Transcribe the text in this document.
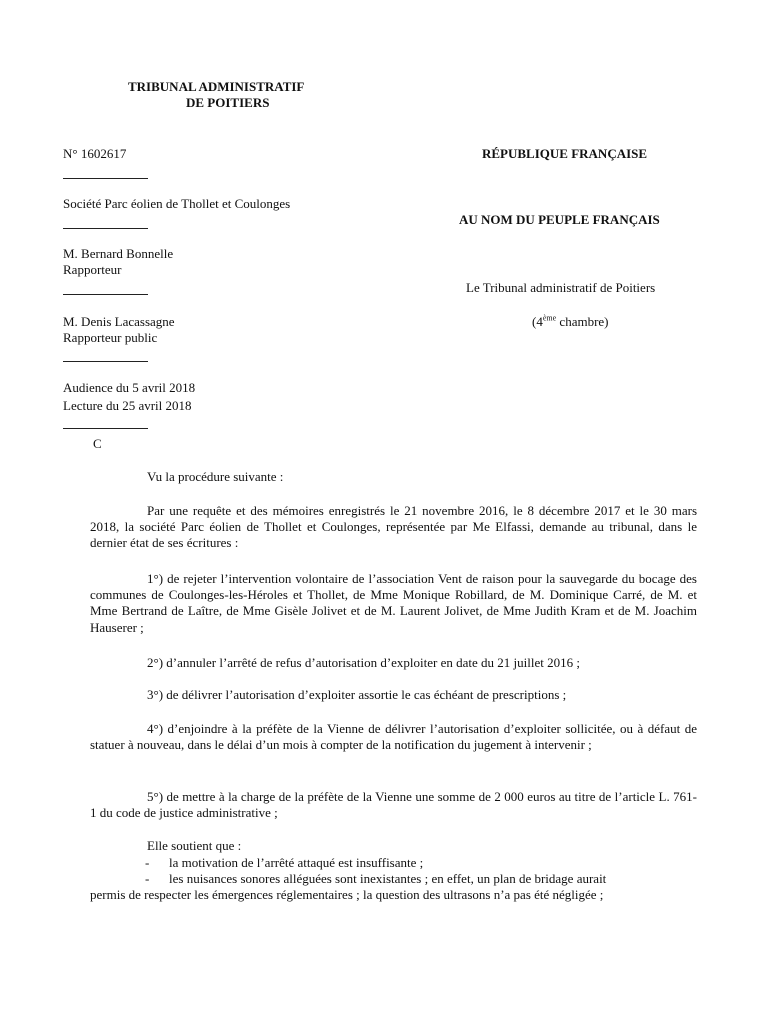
TRIBUNAL ADMINISTRATIF
DE POITIERS
N° 1602617
Société Parc éolien de Thollet et Coulonges
M. Bernard Bonnelle
Rapporteur
M. Denis Lacassagne
Rapporteur public
Audience du 5 avril 2018
Lecture du 25 avril 2018
C
RÉPUBLIQUE FRANÇAISE
AU NOM DU PEUPLE FRANÇAIS
Le Tribunal administratif de Poitiers
(4ème chambre)
Vu la procédure suivante :
Par une requête et des mémoires enregistrés le 21 novembre 2016, le 8 décembre 2017 et le 30 mars 2018, la société Parc éolien de Thollet et Coulonges, représentée par Me Elfassi, demande au tribunal, dans le dernier état de ses écritures :
1°) de rejeter l’intervention volontaire de l’association Vent de raison pour la sauvegarde du bocage des communes de Coulonges-les-Héroles et Thollet, de Mme Monique Robillard, de M. Dominique Carré, de M. et Mme Bertrand de Laître, de Mme Gisèle Jolivet et de M. Laurent Jolivet, de Mme Judith Kram et de M. Joachim Hauserer ;
2°) d’annuler l’arrêté de refus d’autorisation d’exploiter en date du 21 juillet 2016 ;
3°) de délivrer l’autorisation d’exploiter assortie le cas échéant de prescriptions ;
4°) d’enjoindre à la préfète de la Vienne de délivrer l’autorisation d’exploiter sollicitée, ou à défaut de statuer à nouveau, dans le délai d’un mois à compter de la notification du jugement à intervenir ;
5°) de mettre à la charge de la préfète de la Vienne une somme de 2 000 euros au titre de l’article L. 761-1 du code de justice administrative ;
Elle soutient que :
- la motivation de l’arrêté attaqué est insuffisante ;
- les nuisances sonores alléguées sont inexistantes ; en effet, un plan de bridage aurait
permis de respecter les émergences réglementaires ; la question des ultrasons n’a pas été négligée ;
